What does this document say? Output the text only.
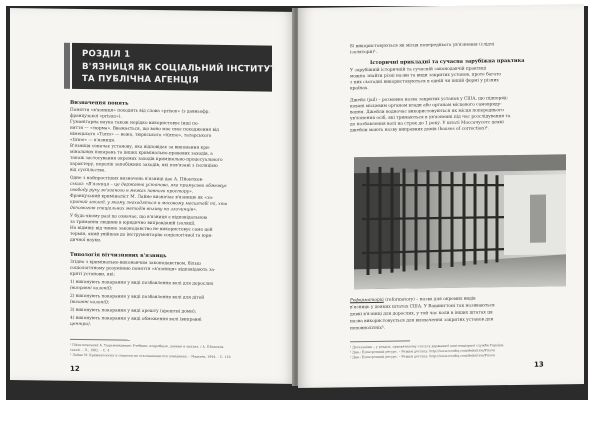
РОЗДІЛ 1
В'ЯЗНИЦЯ ЯК СОЦІАЛЬНИЙ ІНСТИТУТ
ТА ПУБЛІЧНА АГЕНЦІЯ

Визначення понять

Поняття «в'язниця» походить від слова «prison» (з давньофр.

французької «prisun»).

Гуманітарна наука також нерідко використовує інші по-

няття — «тюрма». Вважається, що воно має своє походження від

німецького «Turm» — вежа, тюркського «türme», татарського

«tirme» — в'язниця.

В'язниця означає установу, яка відповідає за виконання кри-

мінальних покарань та інших кримінально-правових заходів, а

також застосування окремих заходів кримінально-процесуального

характеру, перелік запобіжних заходів, які пов'язані з ізоляцією

від суспільства.

Одне з найпростіших визначень в'язниці дає А. Пйонтков-

ський: «В'язниця – це державна установа, яка примусово обмежує

свободу руху зв'язаного в межах певного простору».

Французький криміналіст М. Лайне визначає в'язницю як «за-

критий заклад, у якому знаходяться в масовому масштабі ті, хто

допомогою спеціальних методів впливу на злочинців».

У будь-якому разі це означає, що в'язниця є відповідальною

за тримання людини в юридично виправданій ізоляції.

На відміну від чинне законодавство не використовує саме цей

термін, який увійшов до інструментарію соціологічної та юри-

дичної науки.

Типологія вітчизняних в'язниць

Згідно з кримінально-виконавчим законодавством, більш

соціологічному розумінню поняття «в'язниця» відповідають за-

критi установи, які:

1) виконують покарання у виді позбавлення волі для дорослих

(виправні колонії);

2) виконують покарання у виді позбавлення волі для дітей

(виховні колонії);

3) виконують покарання у виді арешту (арештні доми);

4) виконують покарання у виді обмеження волі (виправні

центри).

¹ Пйонтковський А. Тюрьмоведение: Учебник: подробные, данные и анализ. / А. Пйонтков-

ський. – Л., 1982. – С. 4

² Лайне М. Криминология и социология отклоняющегося поведения. – Мюнхен, 1994. – С. 118

12

8) використовуються як місця попереднього ув'язнення (слідчі

ізолятори)¹.

Історичні прикладні та сучасна зарубіжна практика

У зарубіжній історичній та сучасній законодавчій практиці

можна знайти різні назви та види закритих установ, проте багато

з них сьогодні використовуються в одній чи іншій формі у різних

країнах.

Джейл (jail) – розмовна назва закритих установ у США, що підпоряд-

ковані місцевим органам влади або органам місцевого самовряду-

вання. Джейли водночас використовуються як місця попереднього

ув'язнення осіб, які тримаються в ув'язненні під час розслідування та

до позбавлення волі на строк до 1 року. У штаті Массачусетс деякі

джейли мають назву виправних домів (houses of correction)².

Реформаторій (reformatory) – назва для окремих видів

в'язниць у деяких штатах США. У Вашингтоні так називаються

деякі в'язниці для дорослих, у той час коли в інших штатах ця

назва використовується для визначення закритих установ для

неповнолітніх³.

¹ Детальніше – у розділі, присвяченому статусу державної пенітенціарної служби України.

² Див.: Електронний ресурс. – Режим доступу: http://www.wordiq.com/definition/Prison

³ Див.: Електронний ресурс. – Режим доступу: http://www.wordiq.com/definition/Prison

13
